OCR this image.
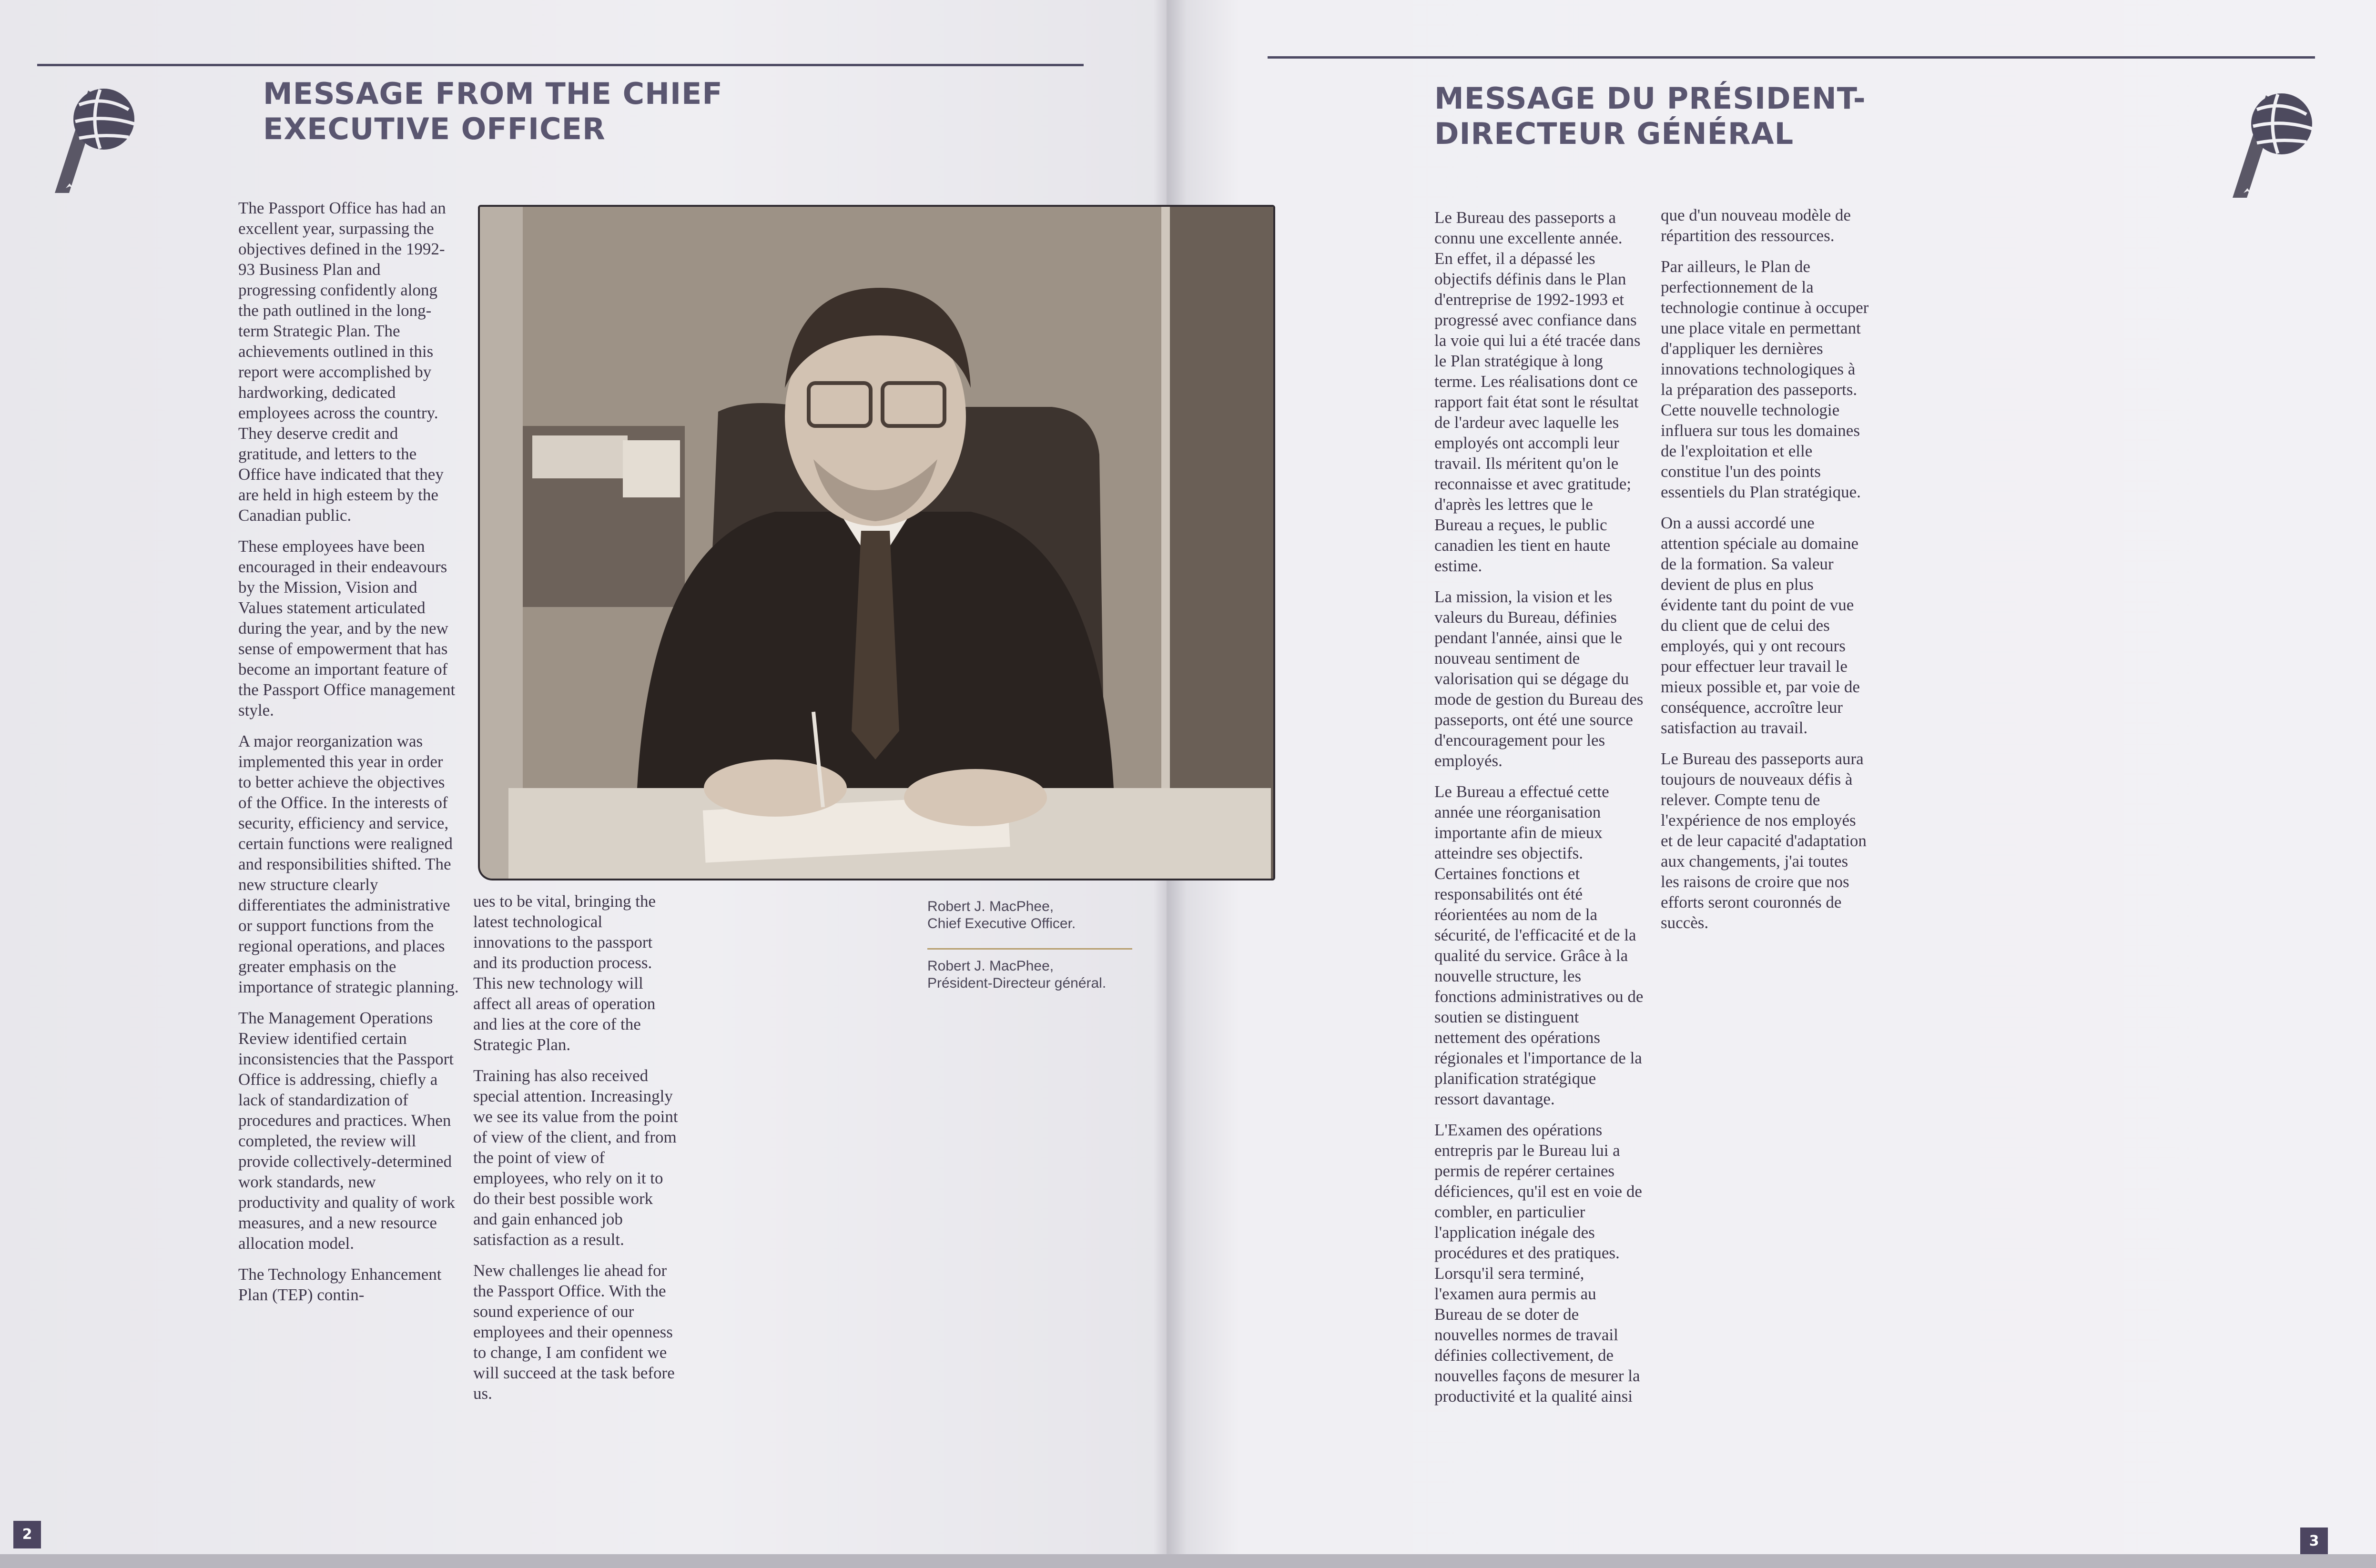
MESSAGE FROM THE CHIEF
EXECUTIVE OFFICER

The Passport Office has had an excellent year, surpassing the objectives defined in the 1992-93 Business Plan and progressing confidently along the path outlined in the long-term Strategic Plan. The achievements outlined in this report were accomplished by hardworking, dedicated employees across the country. They deserve credit and gratitude, and letters to the Office have indicated that they are held in high esteem by the Canadian public.

These employees have been encouraged in their endeavours by the Mission, Vision and Values statement articulated during the year, and by the new sense of empowerment that has become an important feature of the Passport Office management style.

A major reorganization was implemented this year in order to better achieve the objectives of the Office. In the interests of security, efficiency and service, certain functions were realigned and responsibilities shifted. The new structure clearly differentiates the administrative or support functions from the regional operations, and places greater emphasis on the importance of strategic planning.

The Management Operations Review identified certain inconsistencies that the Passport Office is addressing, chiefly a lack of standardization of procedures and practices. When completed, the review will provide collectively-determined work standards, new productivity and quality of work measures, and a new resource allocation model.

The Technology Enhancement Plan (TEP) contin-

ues to be vital, bringing the latest technological innovations to the passport and its production process. This new technology will affect all areas of operation and lies at the core of the Strategic Plan.

Training has also received special attention. Increasingly we see its value from the point of view of the client, and from the point of view of employees, who rely on it to do their best possible work and gain enhanced job satisfaction as a result.

New challenges lie ahead for the Passport Office. With the sound experience of our employees and their openness to change, I am confident we will succeed at the task before us.

Robert J. MacPhee,
Chief Executive Officer.
Robert J. MacPhee,
Président-Directeur général.
2
MESSAGE DU PRÉSIDENT-
DIRECTEUR GÉNÉRAL

Le Bureau des passeports a connu une excellente année. En effet, il a dépassé les objectifs définis dans le Plan d'entreprise de 1992-1993 et progressé avec confiance dans la voie qui lui a été tracée dans le Plan stratégique à long terme. Les réalisations dont ce rapport fait état sont le résultat de l'ardeur avec laquelle les employés ont accompli leur travail. Ils méritent qu'on le reconnaisse et avec gratitude; d'après les lettres que le Bureau a reçues, le public canadien les tient en haute estime.

La mission, la vision et les valeurs du Bureau, définies pendant l'année, ainsi que le nouveau sentiment de valorisation qui se dégage du mode de gestion du Bureau des passeports, ont été une source d'encouragement pour les employés.

Le Bureau a effectué cette année une réorganisation importante afin de mieux atteindre ses objectifs. Certaines fonctions et responsabilités ont été réorientées au nom de la sécurité, de l'efficacité et de la qualité du service. Grâce à la nouvelle structure, les fonctions administratives ou de soutien se distinguent nettement des opérations régionales et l'importance de la planification stratégique ressort davantage.

L'Examen des opérations entrepris par le Bureau lui a permis de repérer certaines déficiences, qu'il est en voie de combler, en particulier l'application inégale des procédures et des pratiques. Lorsqu'il sera terminé, l'examen aura permis au Bureau de se doter de nouvelles normes de travail définies collectivement, de nouvelles façons de mesurer la productivité et la qualité ainsi

que d'un nouveau modèle de répartition des ressources.

Par ailleurs, le Plan de perfectionnement de la technologie continue à occuper une place vitale en permettant d'appliquer les dernières innovations technologiques à la préparation des passeports. Cette nouvelle technologie influera sur tous les domaines de l'exploitation et elle constitue l'un des points essentiels du Plan stratégique.

On a aussi accordé une attention spéciale au domaine de la formation. Sa valeur devient de plus en plus évidente tant du point de vue du client que de celui des employés, qui y ont recours pour effectuer leur travail le mieux possible et, par voie de conséquence, accroître leur satisfaction au travail.

Le Bureau des passeports aura toujours de nouveaux défis à relever. Compte tenu de l'expérience de nos employés et de leur capacité d'adaptation aux changements, j'ai toutes les raisons de croire que nos efforts seront couronnés de succès.

3
